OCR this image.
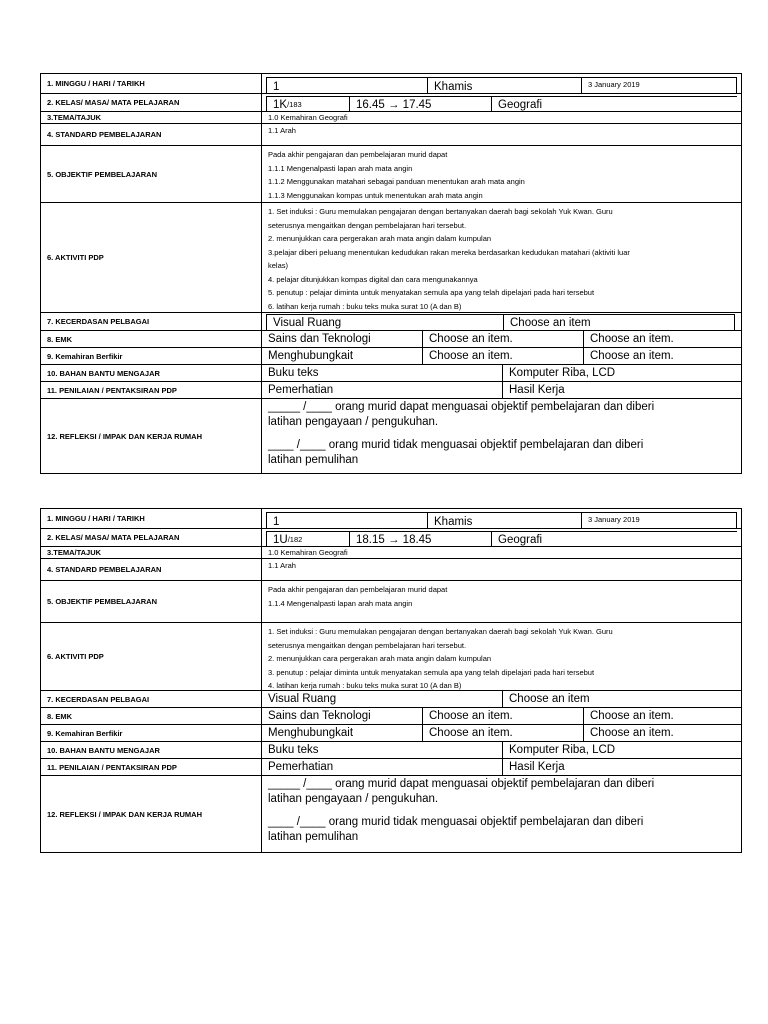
1. MINGGU / HARI / TARIKH	1	Khamis	3 January 2019
2. KELAS/ MASA/ MATA PELAJARAN	1K /183	16.45 → 17.45	Geografi
3.TEMA/TAJUK	1.0 Kemahiran Geografi
4. STANDARD PEMBELAJARAN	1.1 Arah
5. OBJEKTIF PEMBELAJARAN
Pada akhir pengajaran dan pembelajaran murid dapat
1.1.1 Mengenalpasti lapan arah mata angin
1.1.2 Menggunakan matahari sebagai panduan menentukan arah mata angin
1.1.3 Menggunakan kompas untuk menentukan arah mata angin
6. AKTIVITI PDP
1. Set induksi : Guru memulakan pengajaran dengan bertanyakan daerah bagi sekolah Yuk Kwan. Guru
seterusnya mengaitkan dengan pembelajaran hari tersebut.
2. menunjukkan cara pergerakan arah mata angin dalam kumpulan
3.pelajar diberi peluang menentukan kedudukan rakan mereka berdasarkan kedudukan matahari (aktiviti luar
kelas)
4. pelajar ditunjukkan kompas digital dan cara mengunakannya
5. penutup : pelajar diminta untuk menyatakan semula apa yang telah dipelajari pada hari tersebut
6. latihan kerja rumah : buku teks muka surat 10 (A dan B)
7. KECERDASAN PELBAGAI	Visual Ruang	Choose an item
8. EMK	Sains dan Teknologi	Choose an item.	Choose an item.
9. Kemahiran Berfikir	Menghubungkait	Choose an item.	Choose an item.
10. BAHAN BANTU MENGAJAR	Buku teks	Komputer Riba, LCD
11. PENILAIAN / PENTAKSIRAN PDP	Pemerhatian	Hasil Kerja
12. REFLEKSI / IMPAK DAN KERJA RUMAH

_____ /____ orang murid dapat menguasai objektif pembelajaran dan diberi

latihan pengayaan / pengukuhan.

____ /____ orang murid tidak menguasai objektif pembelajaran dan diberi

latihan pemulihan

1. MINGGU / HARI / TARIKH	1	Khamis	3 January 2019
2. KELAS/ MASA/ MATA PELAJARAN	1U /182	18.15 → 18.45	Geografi
3.TEMA/TAJUK	1.0 Kemahiran Geografi
4. STANDARD PEMBELAJARAN	1.1 Arah
5. OBJEKTIF PEMBELAJARAN
Pada akhir pengajaran dan pembelajaran murid dapat
1.1.4 Mengenalpasti lapan arah mata angin
6. AKTIVITI PDP
1. Set induksi : Guru memulakan pengajaran dengan bertanyakan daerah bagi sekolah Yuk Kwan. Guru
seterusnya mengaitkan dengan pembelajaran hari tersebut.
2. menunjukkan cara pergerakan arah mata angin dalam kumpulan
3. penutup : pelajar diminta untuk menyatakan semula apa yang telah dipelajari pada hari tersebut
4. latihan kerja rumah : buku teks muka surat 10 (A dan B)
7. KECERDASAN PELBAGAI	Visual Ruang	Choose an item
8. EMK	Sains dan Teknologi	Choose an item.	Choose an item.
9. Kemahiran Berfikir	Menghubungkait	Choose an item.	Choose an item.
10. BAHAN BANTU MENGAJAR	Buku teks	Komputer Riba, LCD
11. PENILAIAN / PENTAKSIRAN PDP	Pemerhatian	Hasil Kerja
12. REFLEKSI / IMPAK DAN KERJA RUMAH

_____ /____ orang murid dapat menguasai objektif pembelajaran dan diberi

latihan pengayaan / pengukuhan.

____ /____ orang murid tidak menguasai objektif pembelajaran dan diberi

latihan pemulihan
